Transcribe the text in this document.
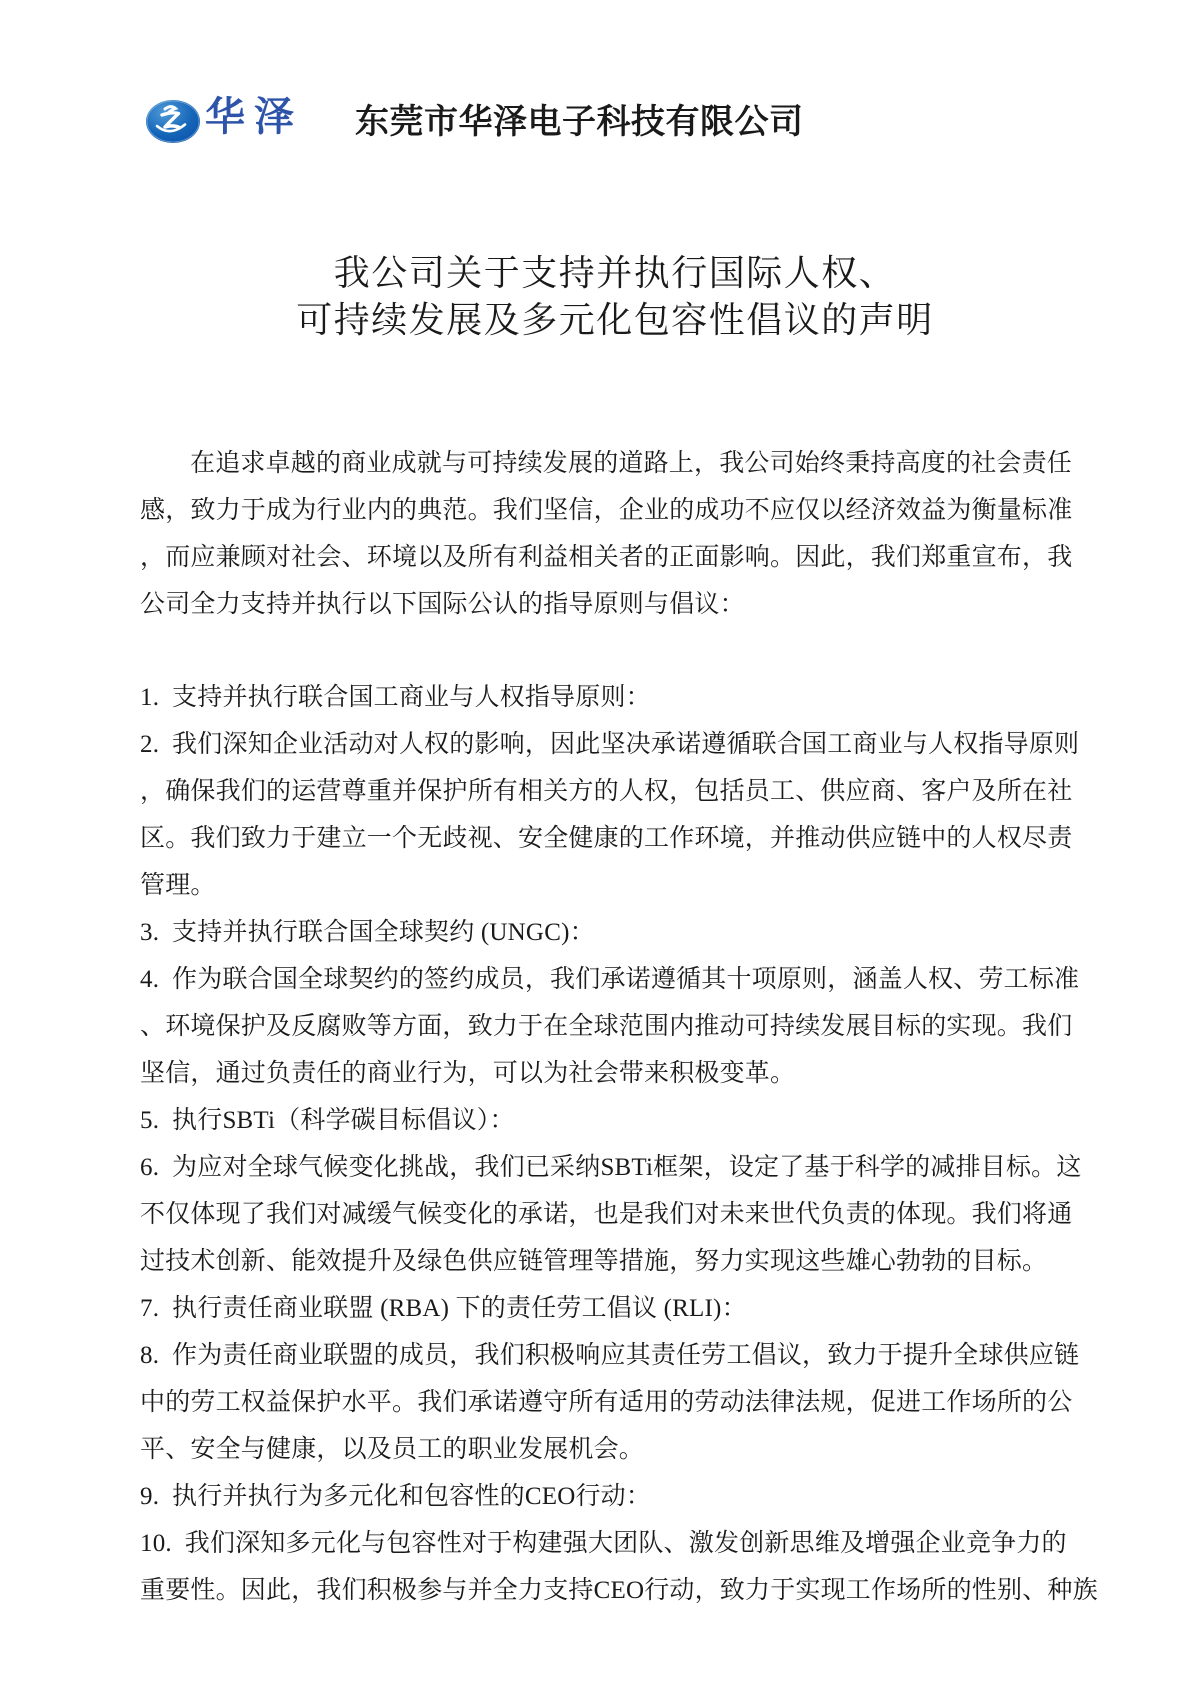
华泽 东莞市华泽电子科技有限公司
我公司关于支持并执行国际人权、
可持续发展及多元化包容性倡议的声明
在追求卓越的商业成就与可持续发展的道路上，我公司始终秉持高度的社会责任
感，致力于成为行业内的典范。我们坚信，企业的成功不应仅以经济效益为衡量标准
，而应兼顾对社会、环境以及所有利益相关者的正面影响。因此，我们郑重宣布，我
公司全力支持并执行以下国际公认的指导原则与倡议：
1.  支持并执行联合国工商业与人权指导原则：
2.  我们深知企业活动对人权的影响，因此坚决承诺遵循联合国工商业与人权指导原则
，确保我们的运营尊重并保护所有相关方的人权，包括员工、供应商、客户及所在社
区。我们致力于建立一个无歧视、安全健康的工作环境，并推动供应链中的人权尽责
管理。
3.  支持并执行联合国全球契约 (UNGC)：
4.  作为联合国全球契约的签约成员，我们承诺遵循其十项原则，涵盖人权、劳工标准
、环境保护及反腐败等方面，致力于在全球范围内推动可持续发展目标的实现。我们
坚信，通过负责任的商业行为，可以为社会带来积极变革。
5.  执行SBTi（科学碳目标倡议）：
6.  为应对全球气候变化挑战，我们已采纳SBTi框架，设定了基于科学的减排目标。这
不仅体现了我们对减缓气候变化的承诺，也是我们对未来世代负责的体现。我们将通
过技术创新、能效提升及绿色供应链管理等措施，努力实现这些雄心勃勃的目标。
7.  执行责任商业联盟 (RBA) 下的责任劳工倡议 (RLI)：
8.  作为责任商业联盟的成员，我们积极响应其责任劳工倡议，致力于提升全球供应链
中的劳工权益保护水平。我们承诺遵守所有适用的劳动法律法规，促进工作场所的公
平、安全与健康，以及员工的职业发展机会。
9.  执行并执行为多元化和包容性的CEO行动：
10.  我们深知多元化与包容性对于构建强大团队、激发创新思维及增强企业竞争力的
重要性。因此，我们积极参与并全力支持CEO行动，致力于实现工作场所的性别、种族
